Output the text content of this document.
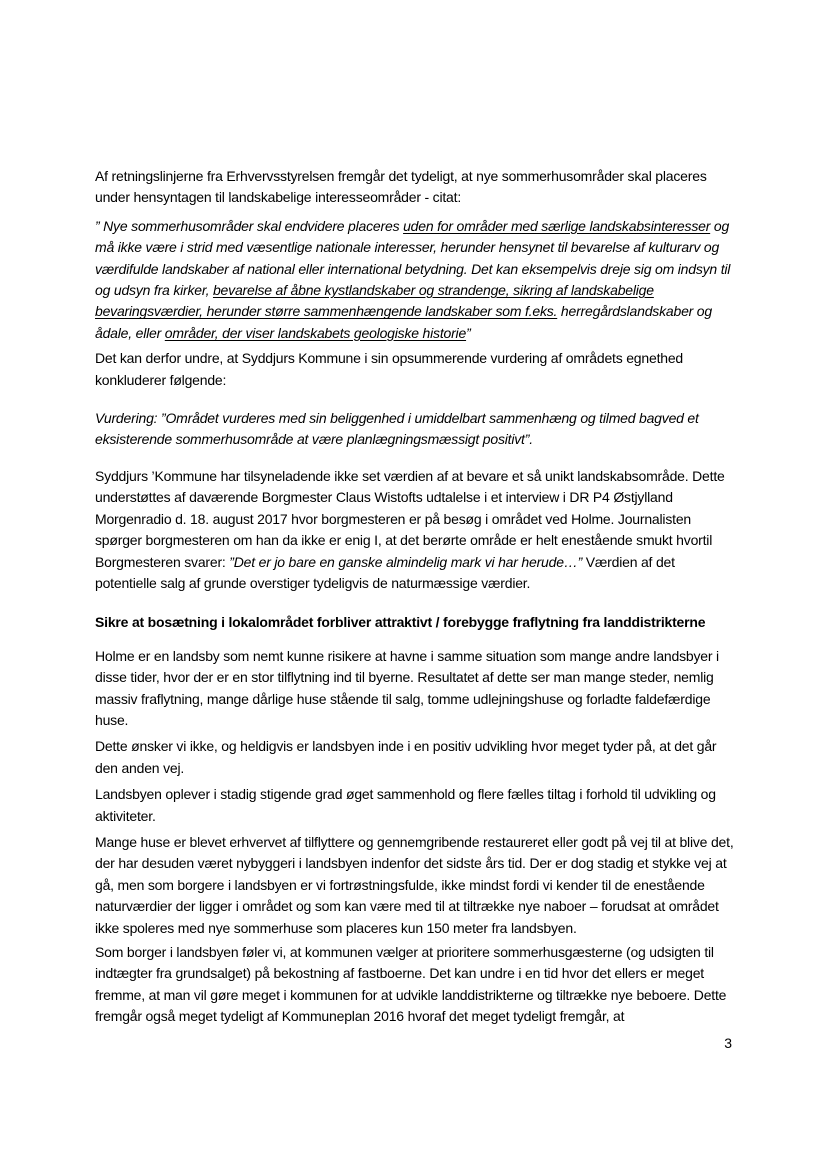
Af retningslinjerne fra Erhvervsstyrelsen fremgår det tydeligt, at nye sommerhusområder skal placeres under hensyntagen til landskabelige interesseområder - citat:

” Nye sommerhusområder skal endvidere placeres uden for områder med særlige landskabsinteresser og må ikke være i strid med væsentlige nationale interesser, herunder hensynet til bevarelse af kulturarv og værdifulde landskaber af national eller international betydning. Det kan eksempelvis dreje sig om indsyn til og udsyn fra kirker, bevarelse af åbne kystlandskaber og strandenge, sikring af landskabelige bevaringsværdier, herunder større sammenhængende landskaber som f.eks. herregårdslandskaber og ådale, eller områder, der viser landskabets geologiske historie”

Det kan derfor undre, at Syddjurs Kommune i sin opsummerende vurdering af områdets egnethed konkluderer følgende:

Vurdering: ”Området vurderes med sin beliggenhed i umiddelbart sammenhæng og tilmed bagved et eksisterende sommerhusområde at være planlægningsmæssigt positivt”.

Syddjurs ’Kommune har tilsyneladende ikke set værdien af at bevare et så unikt landskabsområde. Dette understøttes af daværende Borgmester Claus Wistofts udtalelse i et interview i DR P4 Østjylland Morgenradio d. 18. august 2017 hvor borgmesteren er på besøg i området ved Holme. Journalisten spørger borgmesteren om han da ikke er enig I, at det berørte område er helt enestående smukt hvortil Borgmesteren svarer: ”Det er jo bare en ganske almindelig mark vi har herude…” Værdien af det potentielle salg af grunde overstiger tydeligvis de naturmæssige værdier.

Sikre at bosætning i lokalområdet forbliver attraktivt / forebygge fraflytning fra landdistrikterne

Holme er en landsby som nemt kunne risikere at havne i samme situation som mange andre landsbyer i disse tider, hvor der er en stor tilflytning ind til byerne. Resultatet af dette ser man mange steder, nemlig massiv fraflytning, mange dårlige huse stående til salg, tomme udlejningshuse og forladte faldefærdige huse.

Dette ønsker vi ikke, og heldigvis er landsbyen inde i en positiv udvikling hvor meget tyder på, at det går den anden vej.

Landsbyen oplever i stadig stigende grad øget sammenhold og flere fælles tiltag i forhold til udvikling og aktiviteter.

Mange huse er blevet erhvervet af tilflyttere og gennemgribende restaureret eller godt på vej til at blive det, der har desuden været nybyggeri i landsbyen indenfor det sidste års tid. Der er dog stadig et stykke vej at gå, men som borgere i landsbyen er vi fortrøstningsfulde, ikke mindst fordi vi kender til de enestående naturværdier der ligger i området og som kan være med til at tiltrække nye naboer – forudsat at området ikke spoleres med nye sommerhuse som placeres kun 150 meter fra landsbyen.

Som borger i landsbyen føler vi, at kommunen vælger at prioritere sommerhusgæsterne (og udsigten til indtægter fra grundsalget) på bekostning af fastboerne. Det kan undre i en tid hvor det ellers er meget fremme, at man vil gøre meget i kommunen for at udvikle landdistrikterne og tiltrække nye beboere. Dette fremgår også meget tydeligt af Kommuneplan 2016 hvoraf det meget tydeligt fremgår, at

3
